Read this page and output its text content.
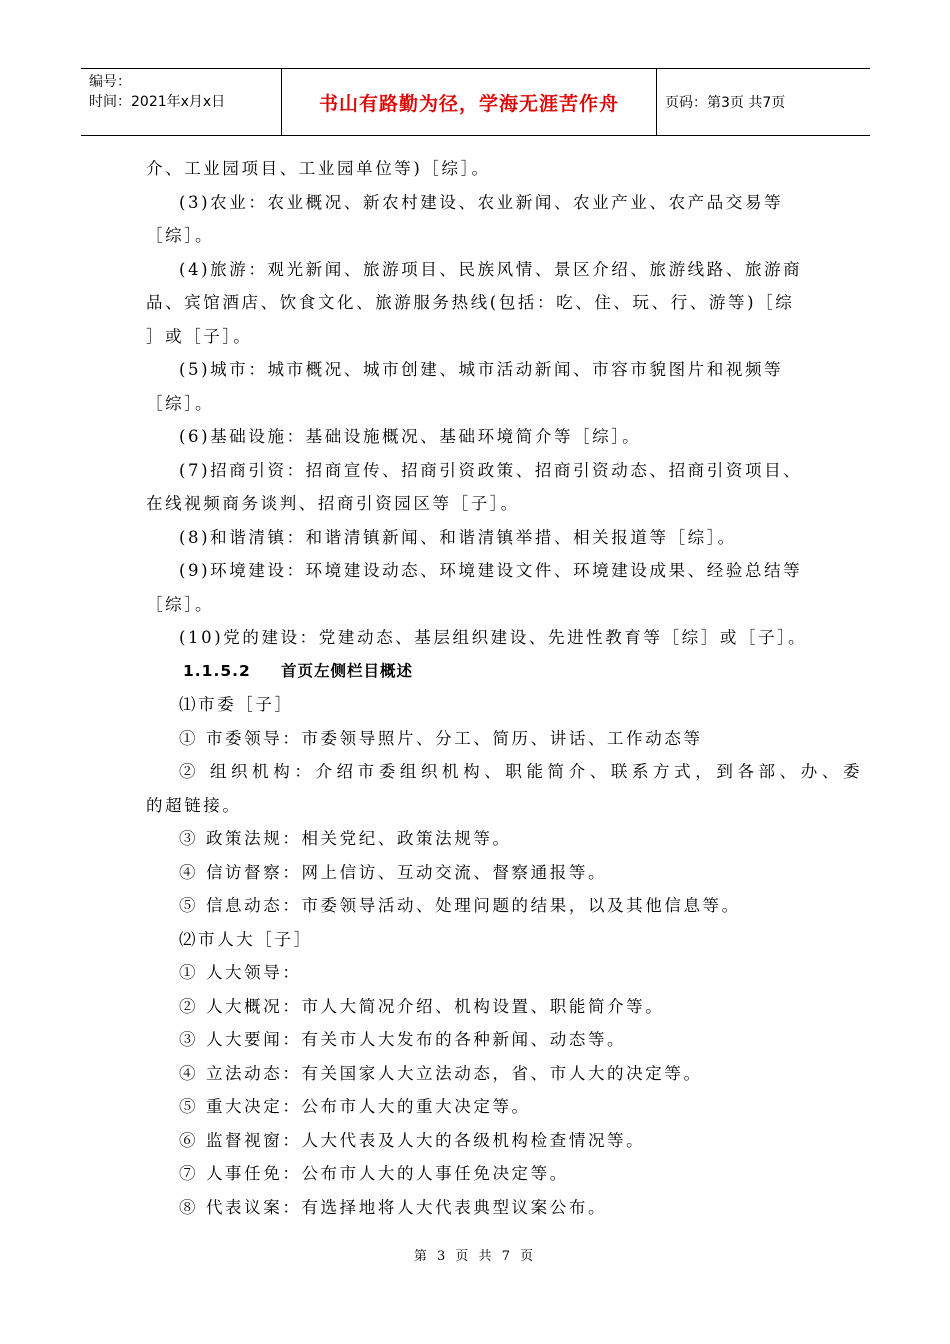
编号：
时间：2021年x月x日	书山有路勤为径，学海无涯苦作舟	页码：第3页 共7页
介、工业园项目、工业园单位等)［综］。
(3)农业：农业概况、新农村建设、农业新闻、农业产业、农产品交易等
［综］。
(4)旅游：观光新闻、旅游项目、民族风情、景区介绍、旅游线路、旅游商
品、宾馆酒店、饮食文化、旅游服务热线(包括：吃、住、玩、行、游等)［综
］或［子］。
(5)城市：城市概况、城市创建、城市活动新闻、市容市貌图片和视频等
［综］。
(6)基础设施：基础设施概况、基础环境简介等［综］。
(7)招商引资：招商宣传、招商引资政策、招商引资动态、招商引资项目、
在线视频商务谈判、招商引资园区等［子］。
(8)和谐清镇：和谐清镇新闻、和谐清镇举措、相关报道等［综］。
(9)环境建设：环境建设动态、环境建设文件、环境建设成果、经验总结等
［综］。
(10)党的建设：党建动态、基层组织建设、先进性教育等［综］或［子］。
1.1.5.2 首页左侧栏目概述
⑴市委［子］
① 市委领导：市委领导照片、分工、简历、讲话、工作动态等
② 组织机构：介绍市委组织机构、职能简介、联系方式，到各部、办、委
的超链接。
③ 政策法规：相关党纪、政策法规等。
④ 信访督察：网上信访、互动交流、督察通报等。
⑤ 信息动态：市委领导活动、处理问题的结果，以及其他信息等。
⑵市人大［子］
① 人大领导：
② 人大概况：市人大简况介绍、机构设置、职能简介等。
③ 人大要闻：有关市人大发布的各种新闻、动态等。
④ 立法动态：有关国家人大立法动态，省、市人大的决定等。
⑤ 重大决定：公布市人大的重大决定等。
⑥ 监督视窗：人大代表及人大的各级机构检查情况等。
⑦ 人事任免：公布市人大的人事任免决定等。
⑧ 代表议案：有选择地将人大代表典型议案公布。
第 3 页 共 7 页
